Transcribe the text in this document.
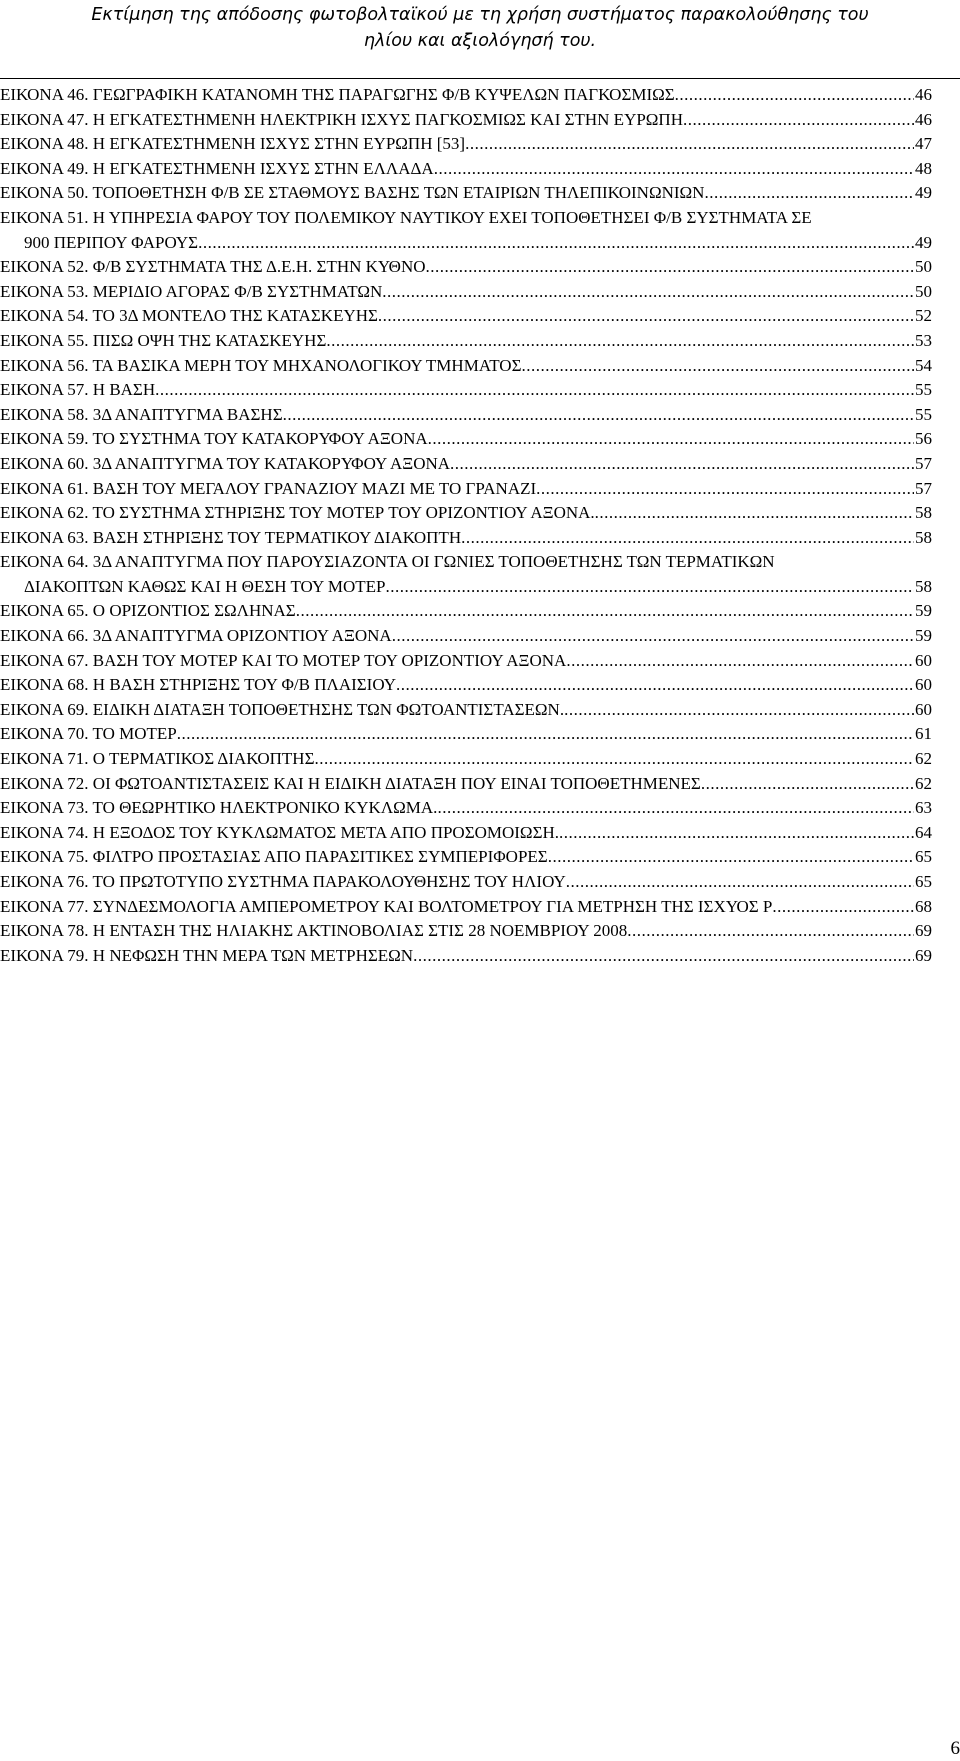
Εκτίμηση της απόδοσης φωτοβολταϊκού με τη χρήση συστήματος παρακολούθησης του
ηλίου και αξιολόγησή του.
ΕΙΚΟΝΑ 46. ΓΕΩΓΡΑΦΙΚΗ ΚΑΤΑΝΟΜΗ ΤΗΣ ΠΑΡΑΓΩΓΗΣ Φ/Β ΚΥΨΕΛΩΝ ΠΑΓΚΟΣΜΙΩΣ .....	46
ΕΙΚΟΝΑ 47. Η ΕΓΚΑΤΕΣΤΗΜΕΝΗ ΗΛΕΚΤΡΙΚΗ ΙΣΧΥΣ ΠΑΓΚΟΣΜΙΩΣ ΚΑΙ ΣΤΗΝ ΕΥΡΩΠΗ .....	46
ΕΙΚΟΝΑ 48. Η ΕΓΚΑΤΕΣΤΗΜΕΝΗ ΙΣΧΥΣ ΣΤΗΝ ΕΥΡΩΠΗ [53] .....	47
ΕΙΚΟΝΑ 49. Η ΕΓΚΑΤΕΣΤΗΜΕΝΗ ΙΣΧΥΣ ΣΤΗΝ ΕΛΛΑΔΑ .....	48
ΕΙΚΟΝΑ 50. ΤΟΠΟΘΕΤΗΣΗ Φ/Β ΣΕ ΣΤΑΘΜΟΥΣ ΒΑΣΗΣ ΤΩΝ ΕΤΑΙΡΙΩΝ ΤΗΛΕΠΙΚΟΙΝΩΝΙΩΝ .....	49
ΕΙΚΟΝΑ 51. Η ΥΠΗΡΕΣΙΑ ΦΑΡΟΥ ΤΟΥ ΠΟΛΕΜΙΚΟΥ ΝΑΥΤΙΚΟΥ ΕΧΕΙ ΤΟΠΟΘΕΤΗΣΕΙ Φ/Β ΣΥΣΤΗΜΑΤΑ ΣΕ
900 ΠΕΡΙΠΟΥ ΦΑΡΟΥΣ .....	49
ΕΙΚΟΝΑ 52. Φ/Β ΣΥΣΤΗΜΑΤΑ ΤΗΣ Δ.Ε.Η. ΣΤΗΝ ΚΥΘΝΟ .....	50
ΕΙΚΟΝΑ 53. ΜΕΡΙΔΙΟ ΑΓΟΡΑΣ Φ/Β ΣΥΣΤΗΜΑΤΩΝ .....	50
ΕΙΚΟΝΑ 54. ΤΟ 3Δ ΜΟΝΤΕΛΟ ΤΗΣ ΚΑΤΑΣΚΕΥΗΣ .....	52
ΕΙΚΟΝΑ 55. ΠΙΣΩ ΟΨΗ ΤΗΣ ΚΑΤΑΣΚΕΥΗΣ .....	53
ΕΙΚΟΝΑ 56. ΤΑ ΒΑΣΙΚΑ ΜΕΡΗ ΤΟΥ ΜΗΧΑΝΟΛΟΓΙΚΟΥ ΤΜΗΜΑΤΟΣ .....	54
ΕΙΚΟΝΑ 57. Η ΒΑΣΗ .....	55
ΕΙΚΟΝΑ 58. 3Δ ΑΝΑΠΤΥΓΜΑ ΒΑΣΗΣ .....	55
ΕΙΚΟΝΑ 59. ΤΟ ΣΥΣΤΗΜΑ ΤΟΥ ΚΑΤΑΚΟΡΥΦΟΥ ΑΞΟΝΑ .....	56
ΕΙΚΟΝΑ 60. 3Δ ΑΝΑΠΤΥΓΜΑ ΤΟΥ ΚΑΤΑΚΟΡΥΦΟΥ ΑΞΟΝΑ .....	57
ΕΙΚΟΝΑ 61. ΒΑΣΗ ΤΟΥ ΜΕΓΑΛΟΥ ΓΡΑΝΑΖΙΟΥ ΜΑΖΙ ΜΕ ΤΟ ΓΡΑΝΑΖΙ .....	57
ΕΙΚΟΝΑ 62. ΤΟ ΣΥΣΤΗΜΑ ΣΤΗΡΙΞΗΣ ΤΟΥ ΜΟΤΕΡ ΤΟΥ ΟΡΙΖΟΝΤΙΟΥ ΑΞΟΝΑ. .....	58
ΕΙΚΟΝΑ 63. ΒΑΣΗ ΣΤΗΡΙΞΗΣ ΤΟΥ ΤΕΡΜΑΤΙΚΟΥ ΔΙΑΚΟΠΤΗ .....	58
ΕΙΚΟΝΑ 64. 3Δ ΑΝΑΠΤΥΓΜΑ ΠΟΥ ΠΑΡΟΥΣΙΑΖΟΝΤΑ ΟΙ ΓΩΝΙΕΣ ΤΟΠΟΘΕΤΗΣΗΣ ΤΩΝ ΤΕΡΜΑΤΙΚΩΝ
ΔΙΑΚΟΠΤΩΝ ΚΑΘΩΣ ΚΑΙ Η ΘΕΣΗ ΤΟΥ ΜΟΤΕΡ .....	58
ΕΙΚΟΝΑ 65. Ο ΟΡΙΖΟΝΤΙΟΣ ΣΩΛΗΝΑΣ .....	59
ΕΙΚΟΝΑ 66. 3Δ ΑΝΑΠΤΥΓΜΑ ΟΡΙΖΟΝΤΙΟΥ ΑΞΟΝΑ .....	59
ΕΙΚΟΝΑ 67. ΒΑΣΗ ΤΟΥ ΜΟΤΕΡ ΚΑΙ ΤΟ ΜΟΤΕΡ ΤΟΥ ΟΡΙΖΟΝΤΙΟΥ ΑΞΟΝΑ .....	60
ΕΙΚΟΝΑ 68. Η ΒΑΣΗ ΣΤΗΡΙΞΗΣ ΤΟΥ Φ/Β ΠΛΑΙΣΙΟΥ .....	60
ΕΙΚΟΝΑ 69. ΕΙΔΙΚΗ ΔΙΑΤΑΞΗ ΤΟΠΟΘΕΤΗΣΗΣ ΤΩΝ ΦΩΤΟΑΝΤΙΣΤΑΣΕΩΝ. .....	60
ΕΙΚΟΝΑ 70. ΤΟ ΜΟΤΕΡ .....	61
ΕΙΚΟΝΑ 71. Ο ΤΕΡΜΑΤΙΚΟΣ ΔΙΑΚΟΠΤΗΣ .....	62
ΕΙΚΟΝΑ 72. ΟΙ ΦΩΤΟΑΝΤΙΣΤΑΣΕΙΣ ΚΑΙ Η ΕΙΔΙΚΗ ΔΙΑΤΑΞΗ ΠΟΥ ΕΙΝΑΙ ΤΟΠΟΘΕΤΗΜΕΝΕΣ .....	62
ΕΙΚΟΝΑ 73. ΤΟ ΘΕΩΡΗΤΙΚΟ ΗΛΕΚΤΡΟΝΙΚΟ ΚΥΚΛΩΜΑ. .....	63
ΕΙΚΟΝΑ 74. Η ΕΞΟΔΟΣ ΤΟΥ ΚΥΚΛΩΜΑΤΟΣ ΜΕΤΑ ΑΠΟ ΠΡΟΣΟΜΟΙΩΣΗ. .....	64
ΕΙΚΟΝΑ 75. ΦΙΛΤΡΟ ΠΡΟΣΤΑΣΙΑΣ ΑΠΟ ΠΑΡΑΣΙΤΙΚΕΣ ΣΥΜΠΕΡΙΦΟΡΕΣ .....	65
ΕΙΚΟΝΑ 76. ΤΟ ΠΡΩΤΟΤΥΠΟ ΣΥΣΤΗΜΑ ΠΑΡΑΚΟΛΟΥΘΗΣΗΣ ΤΟΥ ΗΛΙΟΥ .....	65
ΕΙΚΟΝΑ 77. ΣΥΝΔΕΣΜΟΛΟΓΙΑ ΑΜΠΕΡΟΜΕΤΡΟΥ ΚΑΙ ΒΟΛΤΟΜΕΤΡΟΥ ΓΙΑ ΜΕΤΡΗΣΗ ΤΗΣ ΙΣΧΥΟΣ P .....	68
ΕΙΚΟΝΑ 78. Η ΕΝΤΑΣΗ ΤΗΣ ΗΛΙΑΚΗΣ ΑΚΤΙΝΟΒΟΛΙΑΣ ΣΤΙΣ 28 ΝΟΕΜΒΡΙΟΥ 2008 .....	69
ΕΙΚΟΝΑ 79. Η ΝΕΦΩΣΗ ΤΗΝ ΜΕΡΑ ΤΩΝ ΜΕΤΡΗΣΕΩΝ .....	69
6
